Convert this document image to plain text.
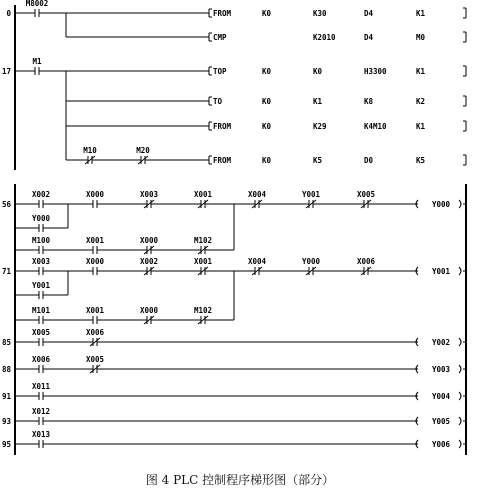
0
M8002
FROM	K0	K30	D4	K1
CMP	K2010	D4	M0
17
M1
TOP	K0	K0	H3300	K1
TO	K0	K1	K8	K2
FROM	K0	K29	K4M10	K1
M10	M20
FROM	K0	K5	D0	K5
56
X002	X000	X003	X001	X004	Y001	X005
Y000
Y000
M100	X001	X000	M102
71
X003	X000	X002	X001	X004	Y000	X006
Y001
Y001
M101	X001	X000	M102
85
X005	X006
Y002
88
X006	X005
Y003
91
X011
Y004
93
X012
Y005
95
X013
Y006
图 4 PLC 控制程序梯形图（部分）
